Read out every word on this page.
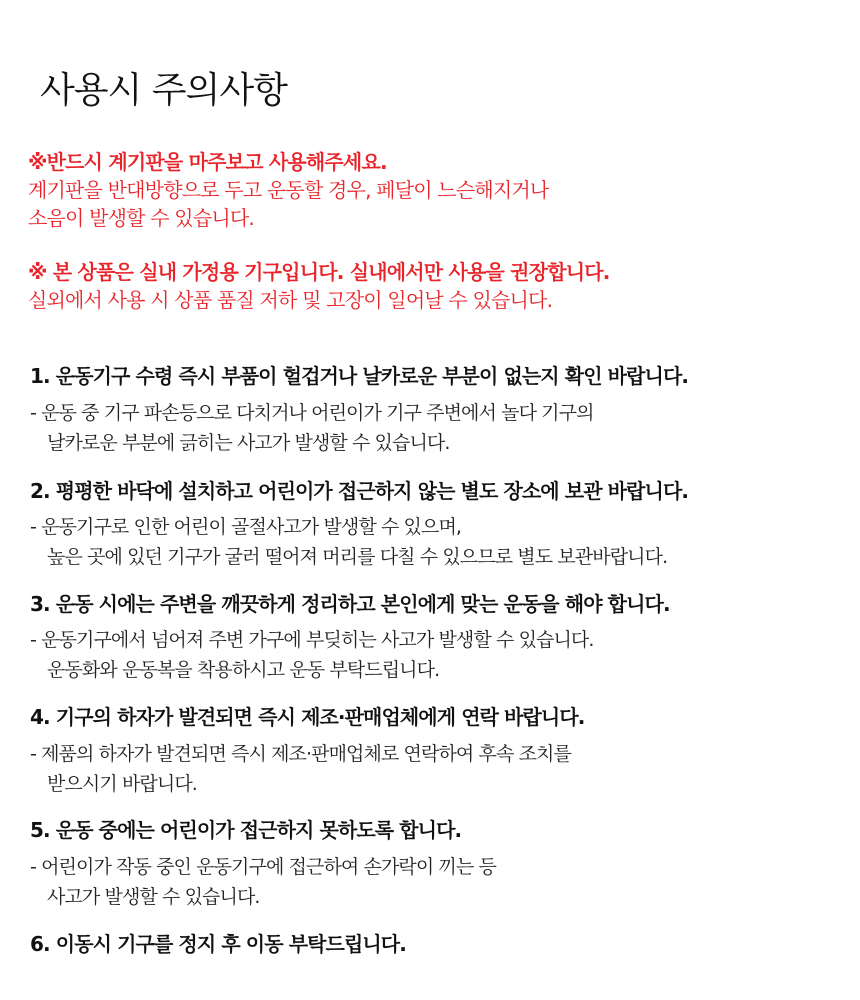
사용시 주의사항
※반드시 계기판을 마주보고 사용해주세요.
계기판을 반대방향으로 두고 운동할 경우, 페달이 느슨해지거나
소음이 발생할 수 있습니다.
※ 본 상품은 실내 가정용 기구입니다. 실내에서만 사용을 권장합니다.
실외에서 사용 시 상품 품질 저하 및 고장이 일어날 수 있습니다.
1. 운동기구 수령 즉시 부품이 헐겁거나 날카로운 부분이 없는지 확인 바랍니다.
- 운동 중 기구 파손등으로 다치거나 어린이가 기구 주변에서 놀다 기구의
날카로운 부분에 긁히는 사고가 발생할 수 있습니다.
2. 평평한 바닥에 설치하고 어린이가 접근하지 않는 별도 장소에 보관 바랍니다.
- 운동기구로 인한 어린이 골절사고가 발생할 수 있으며,
높은 곳에 있던 기구가 굴러 떨어져 머리를 다칠 수 있으므로 별도 보관바랍니다.
3. 운동 시에는 주변을 깨끗하게 정리하고 본인에게 맞는 운동을 해야 합니다.
- 운동기구에서 넘어져 주변 가구에 부딪히는 사고가 발생할 수 있습니다.
운동화와 운동복을 착용하시고 운동 부탁드립니다.
4. 기구의 하자가 발견되면 즉시 제조·판매업체에게 연락 바랍니다.
- 제품의 하자가 발견되면 즉시 제조·판매업체로 연락하여 후속 조치를
받으시기 바랍니다.
5. 운동 중에는 어린이가 접근하지 못하도록 합니다.
- 어린이가 작동 중인 운동기구에 접근하여 손가락이 끼는 등
사고가 발생할 수 있습니다.
6. 이동시 기구를 정지 후 이동 부탁드립니다.
